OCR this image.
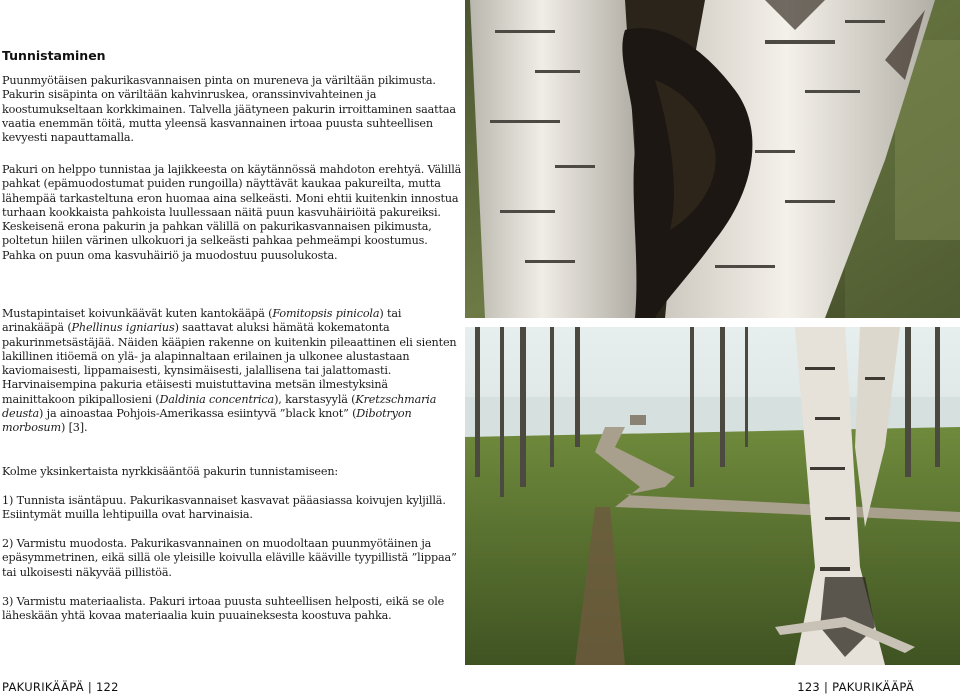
Tunnistaminen

Puunmyötäisen pakurikasvannaisen pinta on mureneva ja väriltään pikimusta. Pakurin sisäpinta on väriltään kahvinruskea, oranssinvivahteinen ja koostumukseltaan korkkimainen. Talvella jäätyneen pakurin irroittaminen saattaa vaatia enemmän töitä, mutta yleensä kasvannainen irtoaa puusta suhteellisen kevyesti napauttamalla.

Pakuri on helppo tunnistaa ja lajikkeesta on käytännössä mahdoton erehtyä. Välillä pahkat (epämuodostumat puiden rungoilla) näyttävät kaukaa pakureilta, mutta lähempää tarkasteltuna eron huomaa aina selkeästi. Moni ehtii kuitenkin innostua turhaan kookkaista pahkoista luullessaan näitä puun kasvuhäiriöitä pakureiksi. Keskeisenä erona pakurin ja pahkan välillä on pakurikasvannaisen pikimusta, poltetun hiilen värinen ulkokuori ja selkeästi pahkaa pehmeämpi koostumus. Pahka on puun oma kasvuhäiriö ja muodostuu puusolukosta.

Mustapintaiset koivunkäävät kuten kantokääpä (Fomitopsis pinicola) tai arinakääpä (Phellinus igniarius) saattavat aluksi hämätä kokematonta pakurinmetsästäjää. Näiden kääpien rakenne on kuitenkin pileaattinen eli sienten lakillinen itiöemä on ylä- ja alapinnaltaan erilainen ja ulkonee alustastaan kaviomaisesti, lippamaisesti, kynsimäisesti, jalallisena tai jalattomasti. Harvinaisempina pakuria etäisesti muistuttavina metsän ilmestyksinä mainittakoon pikipallosieni (Daldinia concentrica), karstasyylä (Kretzschmaria deusta) ja ainoastaa Pohjois-Amerikassa esiintyvä ”black knot” (Dibotryon morbosum) [3].

Kolme yksinkertaista nyrkkisääntöä pakurin tunnistamiseen:

1) Tunnista isäntäpuu. Pakurikasvannaiset kasvavat pääasiassa koivujen kyljillä. Esiintymät muilla lehtipuilla ovat harvinaisia.

2) Varmistu muodosta. Pakurikasvannainen on muodoltaan puunmyötäinen ja epäsymmetrinen, eikä sillä ole yleisille koivulla eläville kääville tyypillistä ”lippaa” tai ulkoisesti näkyvää pillistöä.

3) Varmistu materiaalista. Pakuri irtoaa puusta suhteellisen helposti, eikä se ole läheskään yhtä kovaa materiaalia kuin puuaineksesta koostuva pahka.

PAKURIKÄÄPÄ | 122	123 | PAKURIKÄÄPÄ
